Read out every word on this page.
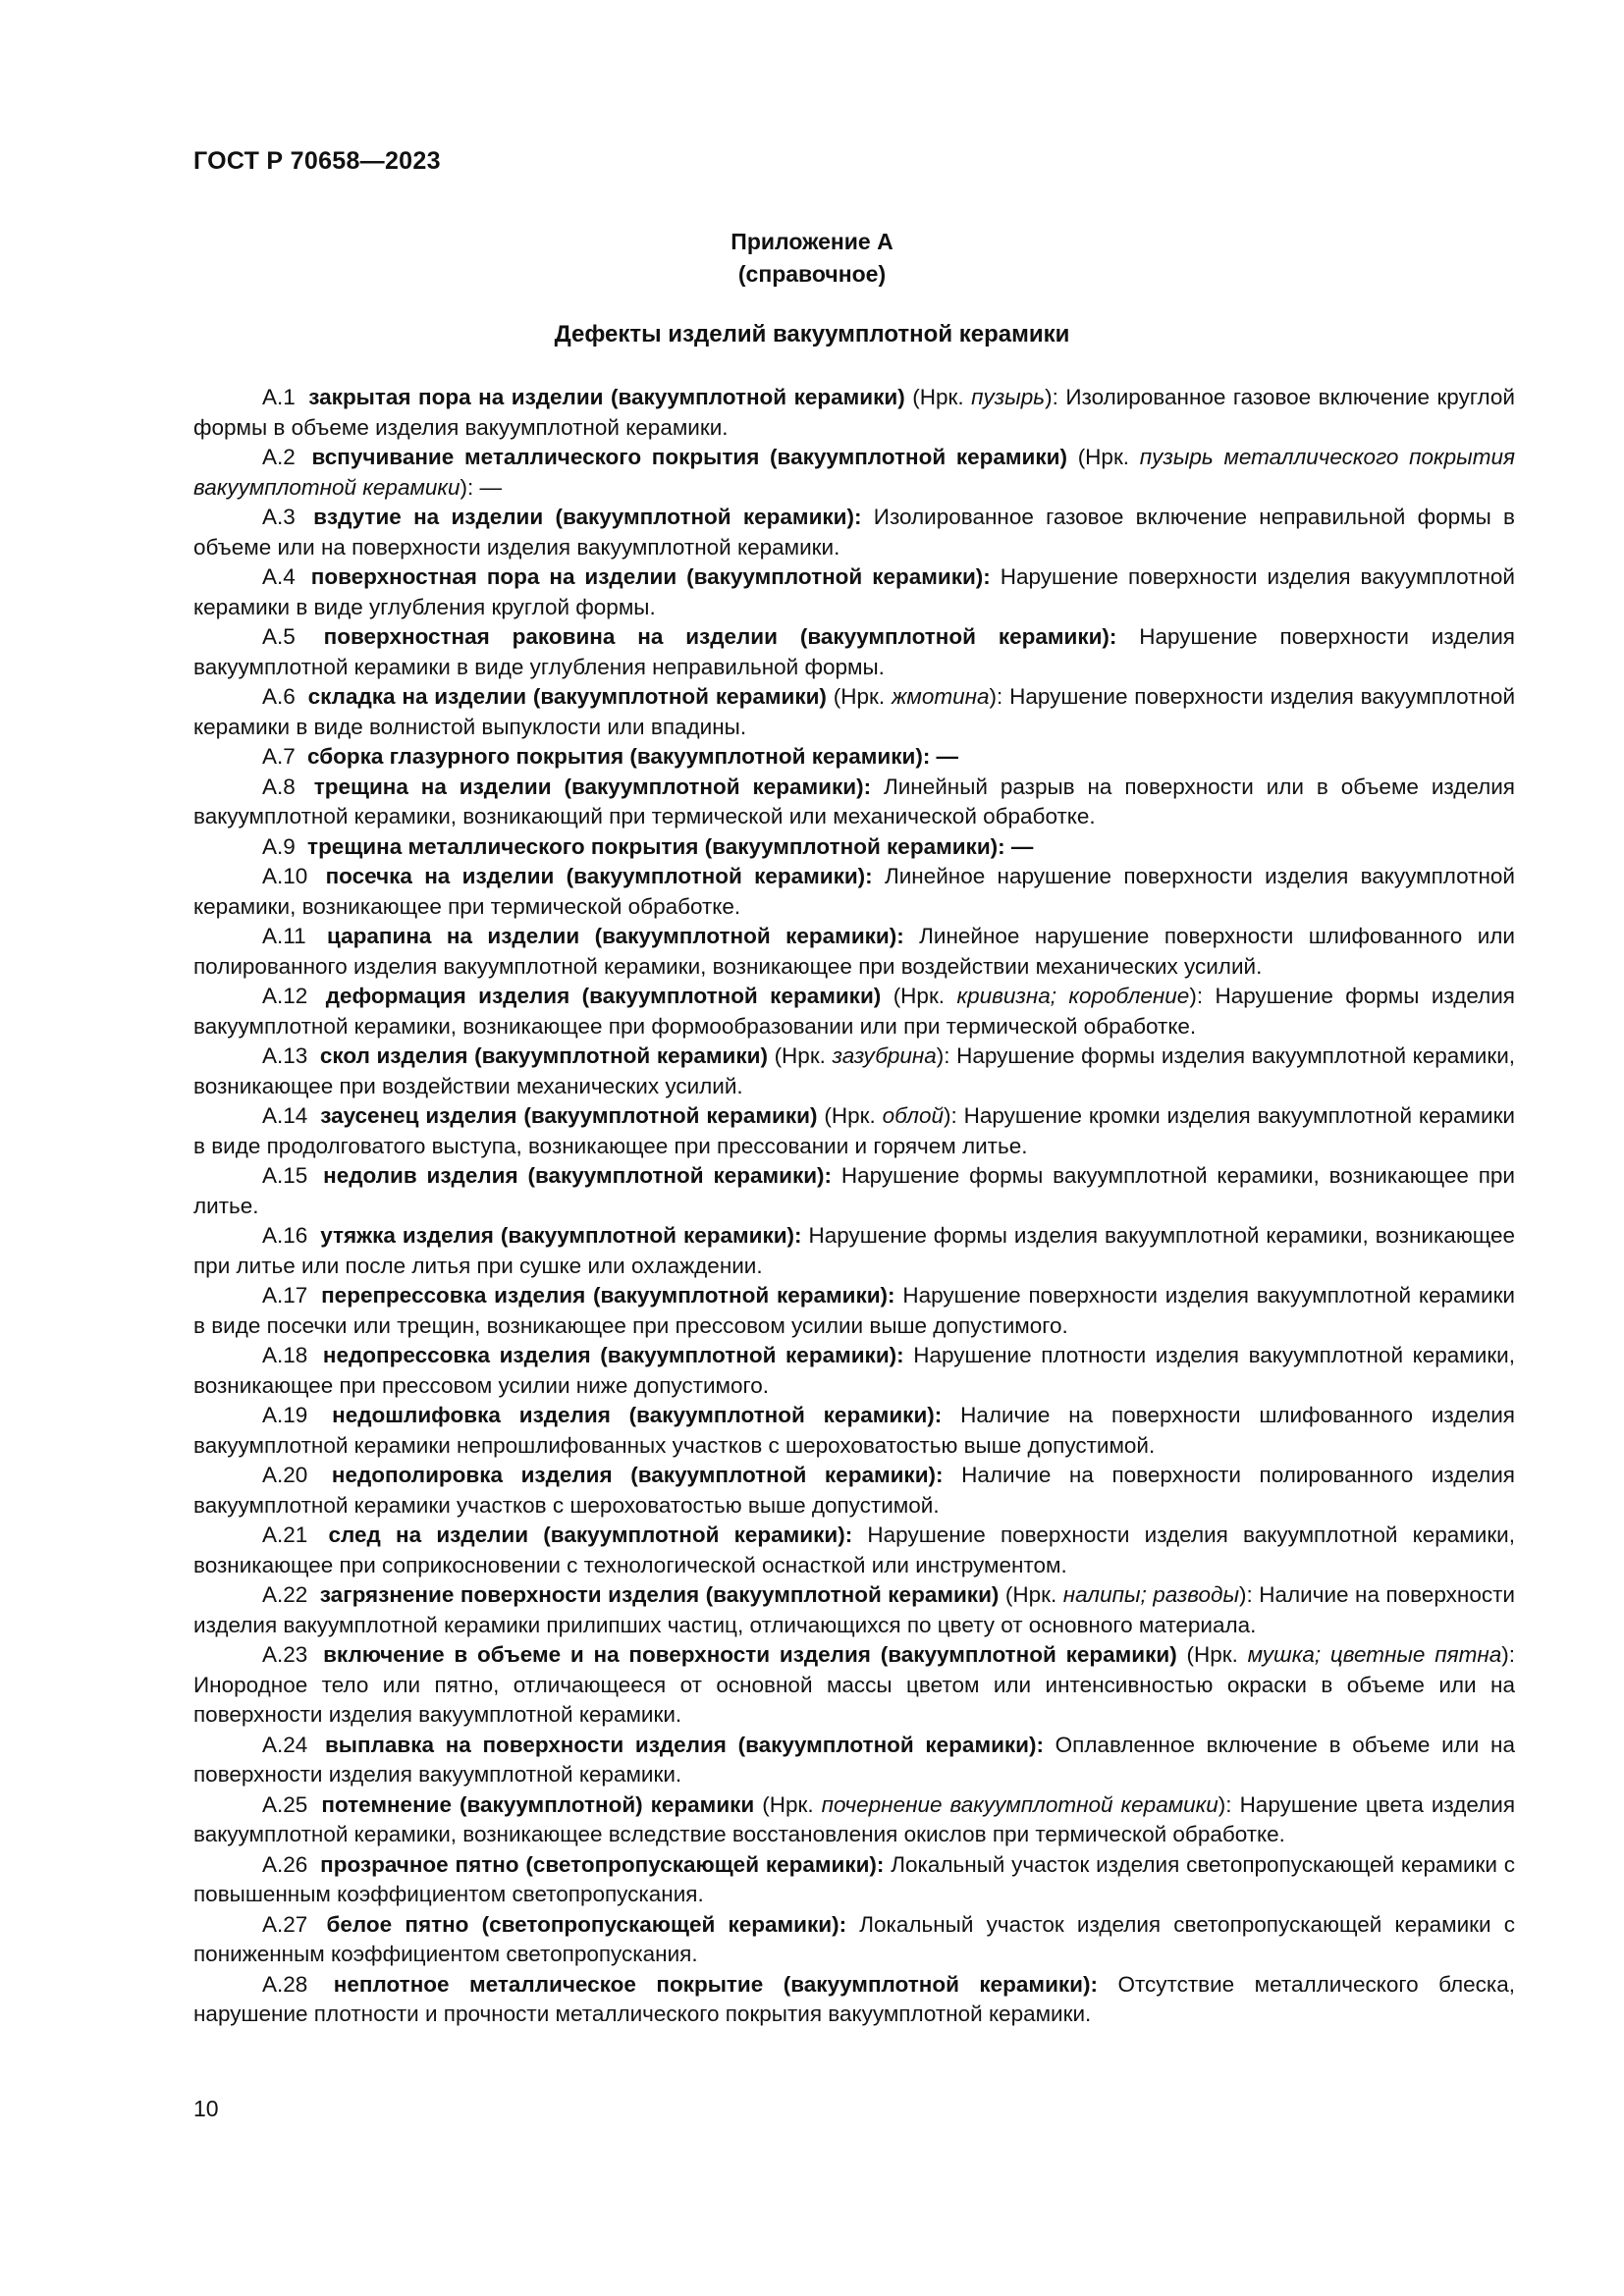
ГОСТ Р 70658—2023
Приложение А
(справочное)
Дефекты изделий вакуумплотной керамики

А.1 закрытая пора на изделии (вакуумплотной керамики) (Нрк. пузырь): Изолированное газовое включение круглой формы в объеме изделия вакуумплотной керамики.

А.2 вспучивание металлического покрытия (вакуумплотной керамики) (Нрк. пузырь металлического покрытия вакуумплотной керамики): —

А.3 вздутие на изделии (вакуумплотной керамики): Изолированное газовое включение неправильной формы в объеме или на поверхности изделия вакуумплотной керамики.

А.4 поверхностная пора на изделии (вакуумплотной керамики): Нарушение поверхности изделия вакуумплотной керамики в виде углубления круглой формы.

А.5 поверхностная раковина на изделии (вакуумплотной керамики): Нарушение поверхности изделия вакуумплотной керамики в виде углубления неправильной формы.

А.6 складка на изделии (вакуумплотной керамики) (Нрк. жмотина): Нарушение поверхности изделия вакуумплотной керамики в виде волнистой выпуклости или впадины.

А.7 сборка глазурного покрытия (вакуумплотной керамики): —

А.8 трещина на изделии (вакуумплотной керамики): Линейный разрыв на поверхности или в объеме изделия вакуумплотной керамики, возникающий при термической или механической обработке.

А.9 трещина металлического покрытия (вакуумплотной керамики): —

А.10 посечка на изделии (вакуумплотной керамики): Линейное нарушение поверхности изделия вакуумплотной керамики, возникающее при термической обработке.

А.11 царапина на изделии (вакуумплотной керамики): Линейное нарушение поверхности шлифованного или полированного изделия вакуумплотной керамики, возникающее при воздействии механических усилий.

А.12 деформация изделия (вакуумплотной керамики) (Нрк. кривизна; коробление): Нарушение формы изделия вакуумплотной керамики, возникающее при формообразовании или при термической обработке.

А.13 скол изделия (вакуумплотной керамики) (Нрк. зазубрина): Нарушение формы изделия вакуумплотной керамики, возникающее при воздействии механических усилий.

А.14 заусенец изделия (вакуумплотной керамики) (Нрк. облой): Нарушение кромки изделия вакуумплотной керамики в виде продолговатого выступа, возникающее при прессовании и горячем литье.

А.15 недолив изделия (вакуумплотной керамики): Нарушение формы вакуумплотной керамики, возникающее при литье.

А.16 утяжка изделия (вакуумплотной керамики): Нарушение формы изделия вакуумплотной керамики, возникающее при литье или после литья при сушке или охлаждении.

А.17 перепрессовка изделия (вакуумплотной керамики): Нарушение поверхности изделия вакуумплотной керамики в виде посечки или трещин, возникающее при прессовом усилии выше допустимого.

А.18 недопрессовка изделия (вакуумплотной керамики): Нарушение плотности изделия вакуумплотной керамики, возникающее при прессовом усилии ниже допустимого.

А.19 недошлифовка изделия (вакуумплотной керамики): Наличие на поверхности шлифованного изделия вакуумплотной керамики непрошлифованных участков с шероховатостью выше допустимой.

А.20 недополировка изделия (вакуумплотной керамики): Наличие на поверхности полированного изделия вакуумплотной керамики участков с шероховатостью выше допустимой.

А.21 след на изделии (вакуумплотной керамики): Нарушение поверхности изделия вакуумплотной керамики, возникающее при соприкосновении с технологической оснасткой или инструментом.

А.22 загрязнение поверхности изделия (вакуумплотной керамики) (Нрк. налипы; разводы): Наличие на поверхности изделия вакуумплотной керамики прилипших частиц, отличающихся по цвету от основного материала.

А.23 включение в объеме и на поверхности изделия (вакуумплотной керамики) (Нрк. мушка; цветные пятна): Инородное тело или пятно, отличающееся от основной массы цветом или интенсивностью окраски в объеме или на поверхности изделия вакуумплотной керамики.

А.24 выплавка на поверхности изделия (вакуумплотной керамики): Оплавленное включение в объеме или на поверхности изделия вакуумплотной керамики.

А.25 потемнение (вакуумплотной) керамики (Нрк. почернение вакуумплотной керамики): Нарушение цвета изделия вакуумплотной керамики, возникающее вследствие восстановления окислов при термической обработке.

А.26 прозрачное пятно (светопропускающей керамики): Локальный участок изделия светопропускающей керамики с повышенным коэффициентом светопропускания.

А.27 белое пятно (светопропускающей керамики): Локальный участок изделия светопропускающей керамики с пониженным коэффициентом светопропускания.

А.28 неплотное металлическое покрытие (вакуумплотной керамики): Отсутствие металлического блеска, нарушение плотности и прочности металлического покрытия вакуумплотной керамики.

10
